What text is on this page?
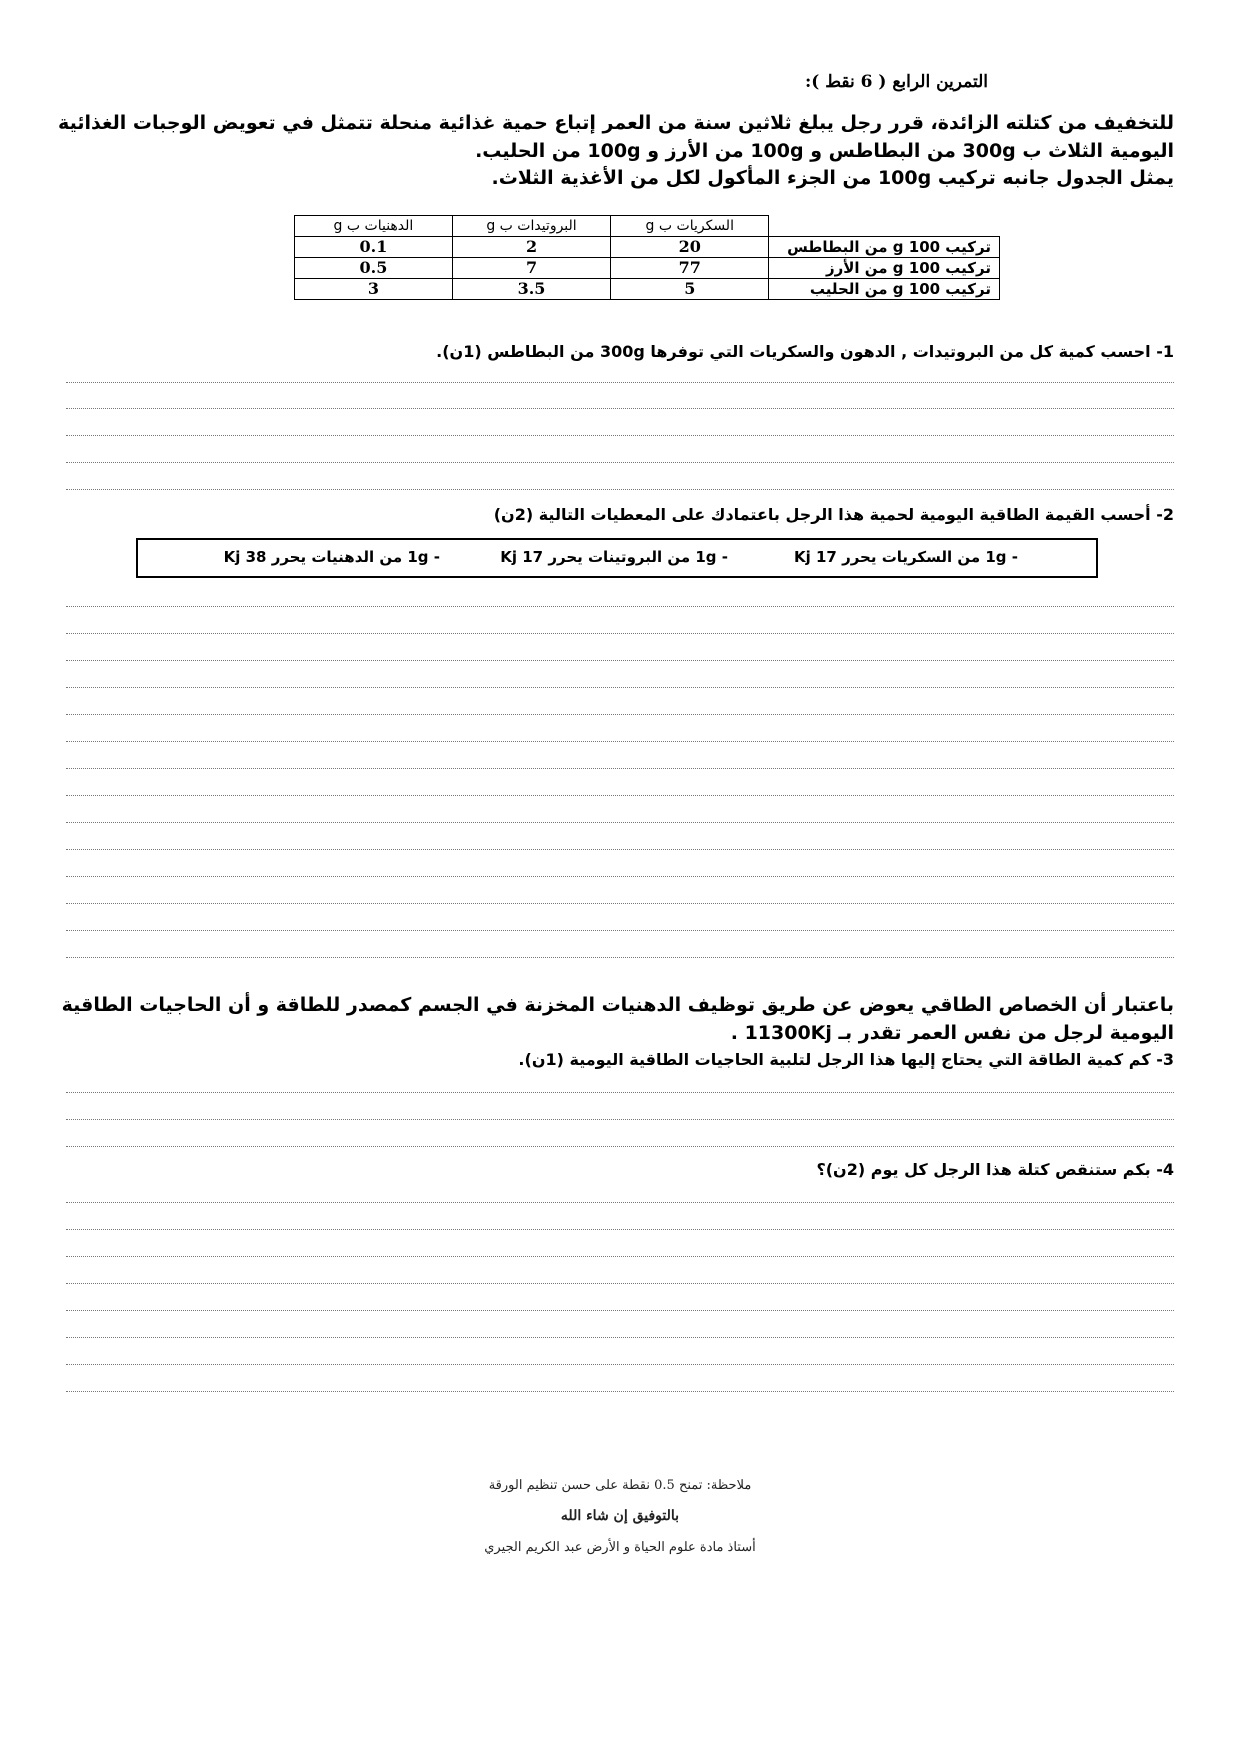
التمرين الرابع ( 6 نقط ):
للتخفيف من كتلته الزائدة، قرر رجل يبلغ ثلاثين سنة من العمر إتباع حمية غذائية منحلة تتمثل في تعويض الوجبات الغذائية
اليومية الثلاث ب 300g من البطاطس و 100g من الأرز و 100g من الحليب.
يمثل الجدول جانبه تركيب 100g من الجزء المأكول لكل من الأغذية الثلاث.
	السكريات ب g	البروتيدات ب g	الدهنيات ب g
تركيب g 100 من البطاطس	20	2	0.1
تركيب g 100 من الأرز	77	7	0.5
تركيب g 100 من الحليب	5	3.5	3
1- احسب كمية كل من البروتيدات , الدهون والسكريات التي توفرها 300g من البطاطس (1ن).
2- أحسب القيمة الطاقية اليومية لحمية هذا الرجل باعتمادك على المعطيات التالية (2ن)
- 1g من السكريات يحرر 17 Kj
- 1g من البروتينات يحرر 17 Kj
- 1g من الدهنيات يحرر 38 Kj
باعتبار أن الخصاص الطاقي يعوض عن طريق توظيف الدهنيات المخزنة في الجسم كمصدر للطاقة و أن الحاجيات الطاقية
اليومية لرجل من نفس العمر تقدر بـ 11300Kj .
3- كم كمية الطاقة التي يحتاج إليها هذا الرجل لتلبية الحاجيات الطاقية اليومية (1ن).
4- بكم ستنقص كتلة هذا الرجل كل يوم (2ن)؟
ملاحظة: تمنح 0.5 نقطة على حسن تنظيم الورقة
بالتوفيق إن شاء الله
أستاذ مادة علوم الحياة و الأرض عبد الكريم الجيري
